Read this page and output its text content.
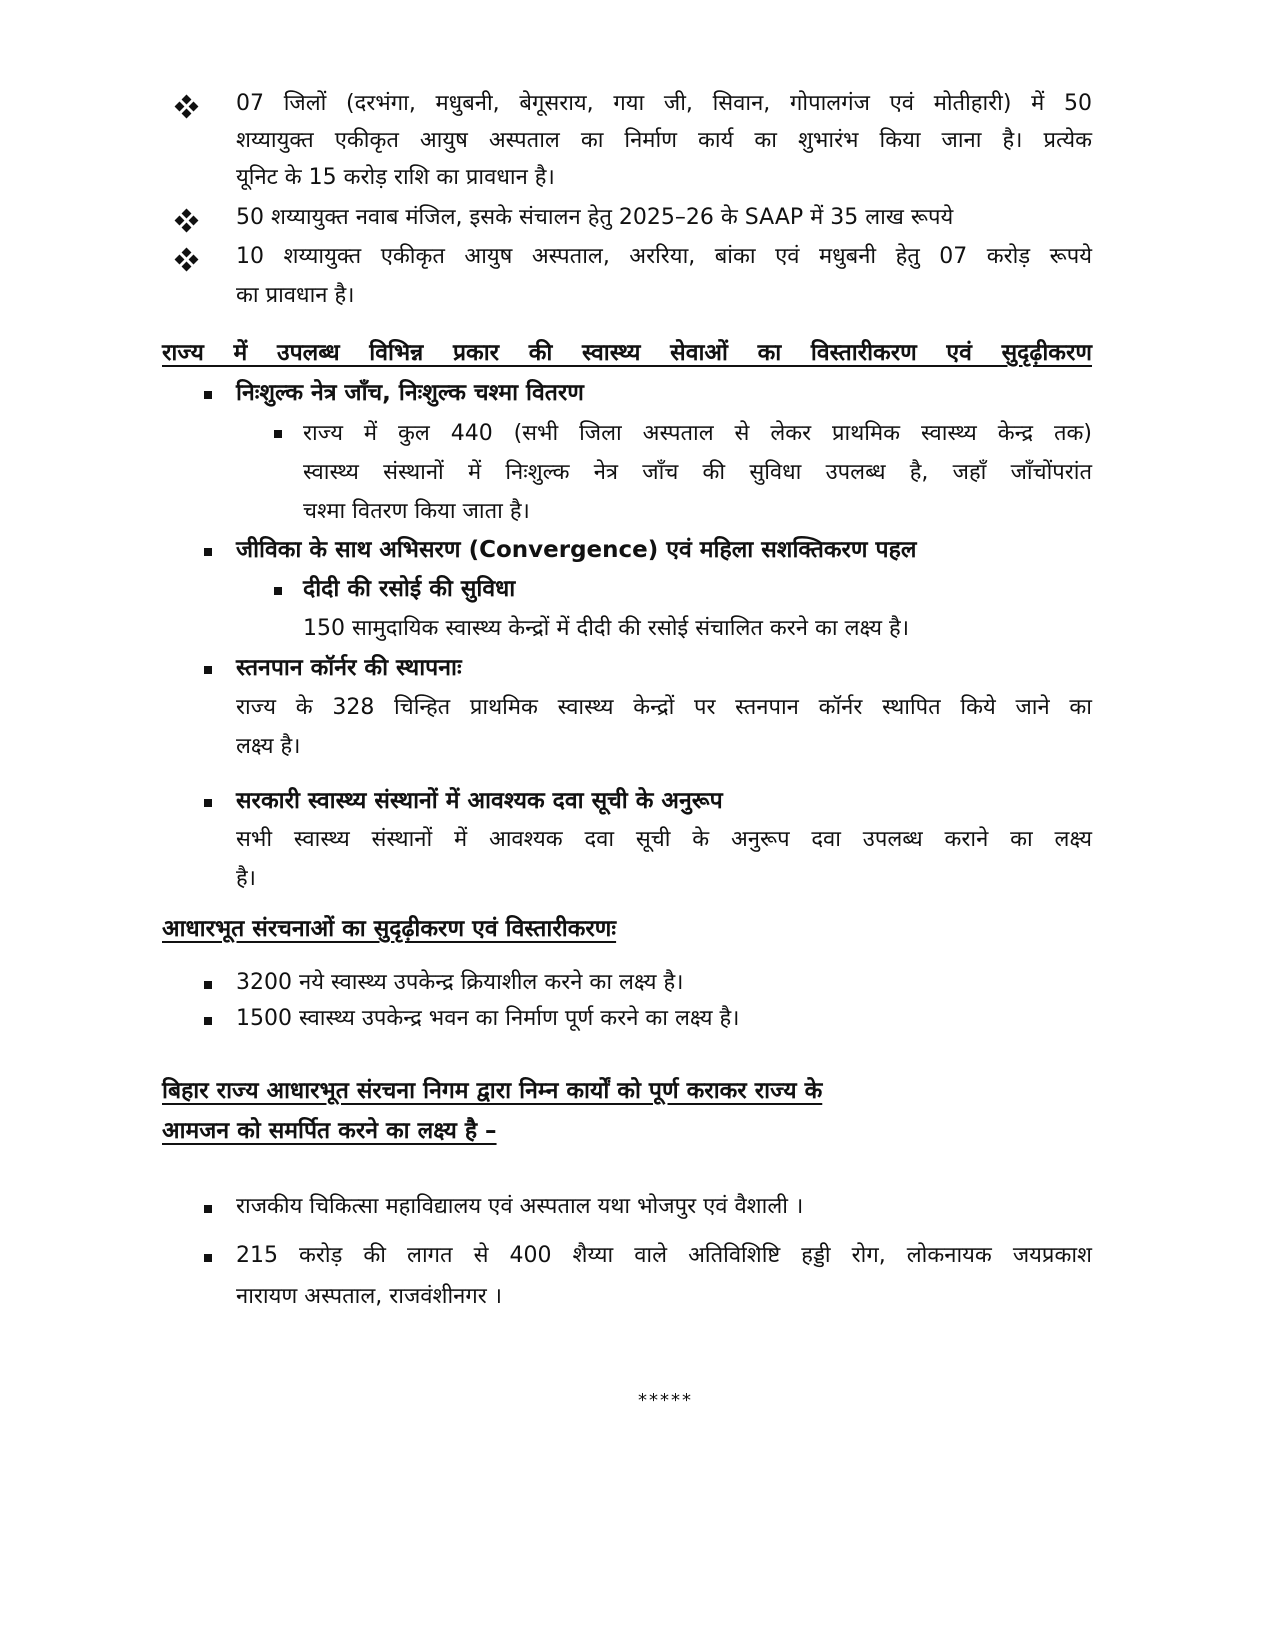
07 जिलों (दरभंगा, मधुबनी, बेगूसराय, गया जी, सिवान, गोपालगंज एवं मोतीहारी) में 50
शय्यायुक्त एकीकृत आयुष अस्पताल का निर्माण कार्य का शुभारंभ किया जाना है। प्रत्येक
यूनिट के 15 करोड़ राशि का प्रावधान है।
50 शय्यायुक्त नवाब मंजिल, इसके संचालन हेतु 2025–26 के SAAP में 35 लाख रूपये
10 शय्यायुक्त एकीकृत आयुष अस्पताल, अररिया, बांका एवं मधुबनी हेतु 07 करोड़ रूपये
का प्रावधान है।
राज्य में उपलब्ध विभिन्न प्रकार की स्वास्थ्य सेवाओं का विस्तारीकरण एवं सुदृढ़ीकरण
निःशुल्क नेत्र जाँच, निःशुल्क चश्मा वितरण
राज्य में कुल 440 (सभी जिला अस्पताल से लेकर प्राथमिक स्वास्थ्य केन्द्र तक)
स्वास्थ्य संस्थानों में निःशुल्क नेत्र जाँच की सुविधा उपलब्ध है, जहाँ जाँचोंपरांत
चश्मा वितरण किया जाता है।
जीविका के साथ अभिसरण (Convergence) एवं महिला सशक्तिकरण पहल
दीदी की रसोई की सुविधा
150 सामुदायिक स्वास्थ्य केन्द्रों में दीदी की रसोई संचालित करने का लक्ष्य है।
स्तनपान कॉर्नर की स्थापनाः
राज्य के 328 चिन्हित प्राथमिक स्वास्थ्य केन्द्रों पर स्तनपान कॉर्नर स्थापित किये जाने का
लक्ष्य है।
सरकारी स्वास्थ्य संस्थानों में आवश्यक दवा सूची के अनुरूप
सभी स्वास्थ्य संस्थानों में आवश्यक दवा सूची के अनुरूप दवा उपलब्ध कराने का लक्ष्य
है।
आधारभूत संरचनाओं का सुदृढ़ीकरण एवं विस्तारीकरणः
3200 नये स्वास्थ्य उपकेन्द्र क्रियाशील करने का लक्ष्य है।
1500 स्वास्थ्य उपकेन्द्र भवन का निर्माण पूर्ण करने का लक्ष्य है।
बिहार राज्य आधारभूत संरचना निगम द्वारा निम्न कार्यों को पूर्ण कराकर राज्य के
आमजन को समर्पित करने का लक्ष्य है –
राजकीय चिकित्सा महाविद्यालय एवं अस्पताल यथा भोजपुर एवं वैशाली ।
215 करोड़ की लागत से 400 शैय्या वाले अतिविशिष्टि हड्डी रोग, लोकनायक जयप्रकाश
नारायण अस्पताल, राजवंशीनगर ।
*****
